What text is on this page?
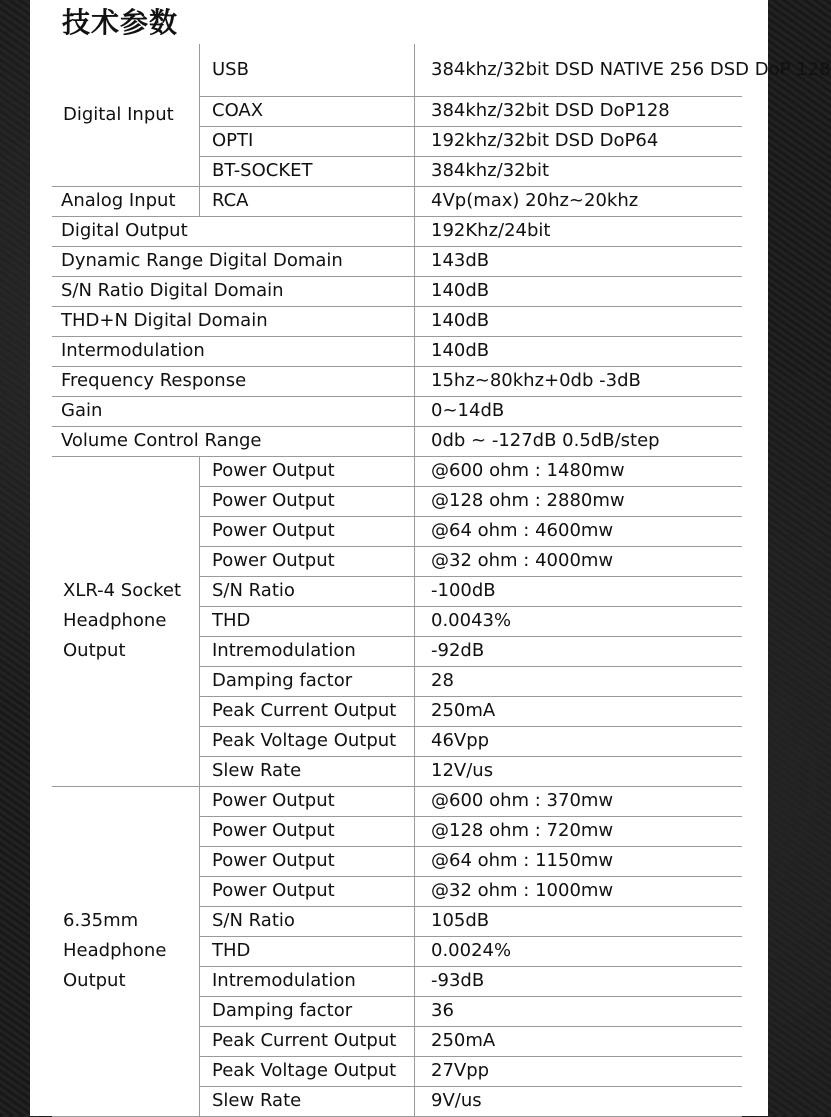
技术参数
Digital Input	USB	384khz/32bit DSD NATIVE 256 DSD DoP 128
	COAX	384khz/32bit DSD DoP128
	OPTI	192khz/32bit DSD DoP64
	BT-SOCKET	384khz/32bit
Analog Input	RCA	4Vp(max) 20hz~20khz
Digital Output		192Khz/24bit
Dynamic Range Digital Domain		143dB
S/N Ratio Digital Domain		140dB
THD+N Digital Domain		140dB
Intermodulation		140dB
Frequency Response		15hz~80khz+0db -3dB
Gain		0~14dB
Volume Control Range		0db ~ -127dB 0.5dB/step
XLR-4 Socket Headphone Output	Power Output	@600 ohm : 1480mw
	Power Output	@128 ohm : 2880mw
	Power Output	@64 ohm : 4600mw
	Power Output	@32 ohm : 4000mw
	S/N Ratio	-100dB
	THD	0.0043%
	Intremodulation	-92dB
	Damping factor	28
	Peak Current Output	250mA
	Peak Voltage Output	46Vpp
	Slew Rate	12V/us
6.35mm Headphone Output	Power Output	@600 ohm : 370mw
	Power Output	@128 ohm : 720mw
	Power Output	@64 ohm : 1150mw
	Power Output	@32 ohm : 1000mw
	S/N Ratio	105dB
	THD	0.0024%
	Intremodulation	-93dB
	Damping factor	36
	Peak Current Output	250mA
	Peak Voltage Output	27Vpp
	Slew Rate	9V/us
